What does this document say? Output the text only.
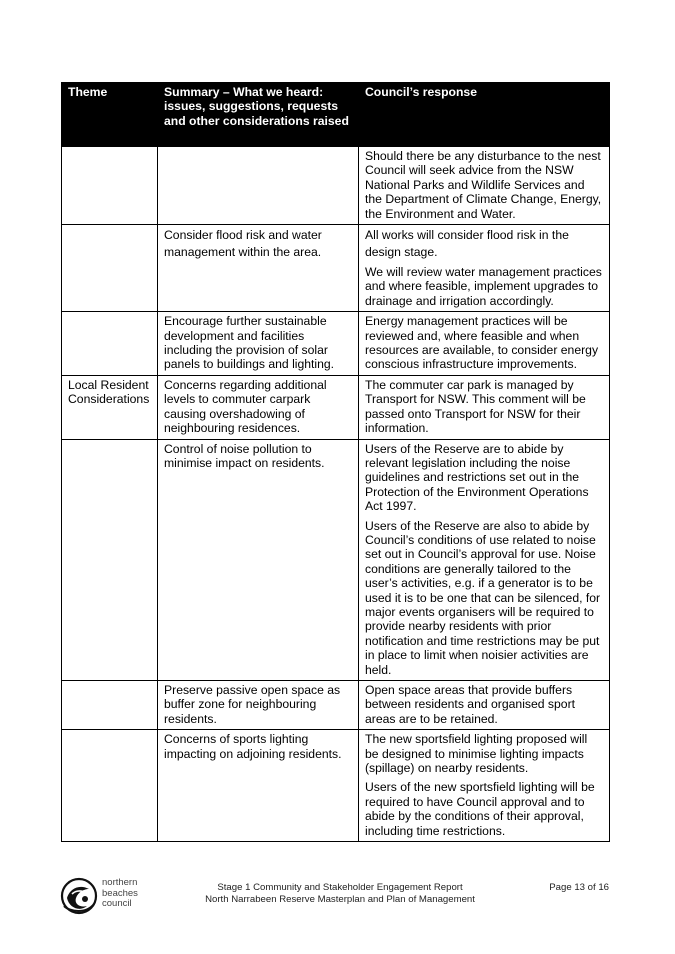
Theme	Summary – What we heard: issues, suggestions, requests and other considerations raised	Council’s response

		Should there be any disturbance to the nest Council will seek advice from the NSW National Parks and Wildlife Services and the Department of Climate Change, Energy, the Environment and Water.

	Consider flood risk and water management within the area.	All works will consider flood risk in the design stage.

We will review water management practices and where feasible, implement upgrades to drainage and irrigation accordingly.

	Encourage further sustainable development and facilities including the provision of solar panels to buildings and lighting.	Energy management practices will be reviewed and, where feasible and when resources are available, to consider energy conscious infrastructure improvements.

Local Resident Considerations	Concerns regarding additional levels to commuter carpark causing overshadowing of neighbouring residences.	The commuter car park is managed by Transport for NSW. This comment will be passed onto Transport for NSW for their information.

	Control of noise pollution to minimise impact on residents.	Users of the Reserve are to abide by relevant legislation including the noise guidelines and restrictions set out in the Protection of the Environment Operations Act 1997.

Users of the Reserve are also to abide by Council’s conditions of use related to noise set out in Council’s approval for use. Noise conditions are generally tailored to the user’s activities, e.g. if a generator is to be used it is to be one that can be silenced, for major events organisers will be required to provide nearby residents with prior notification and time restrictions may be put in place to limit when noisier activities are held.

	Preserve passive open space as buffer zone for neighbouring residents.	Open space areas that provide buffers between residents and organised sport areas are to be retained.

	Concerns of sports lighting impacting on adjoining residents.	The new sportsfield lighting proposed will be designed to minimise lighting impacts (spillage) on nearby residents.

Users of the new sportsfield lighting will be required to have Council approval and to abide by the conditions of their approval, including time restrictions.

northern
beaches
council
Stage 1 Community and Stakeholder Engagement Report
North Narrabeen Reserve Masterplan and Plan of Management
Page 13 of 16
